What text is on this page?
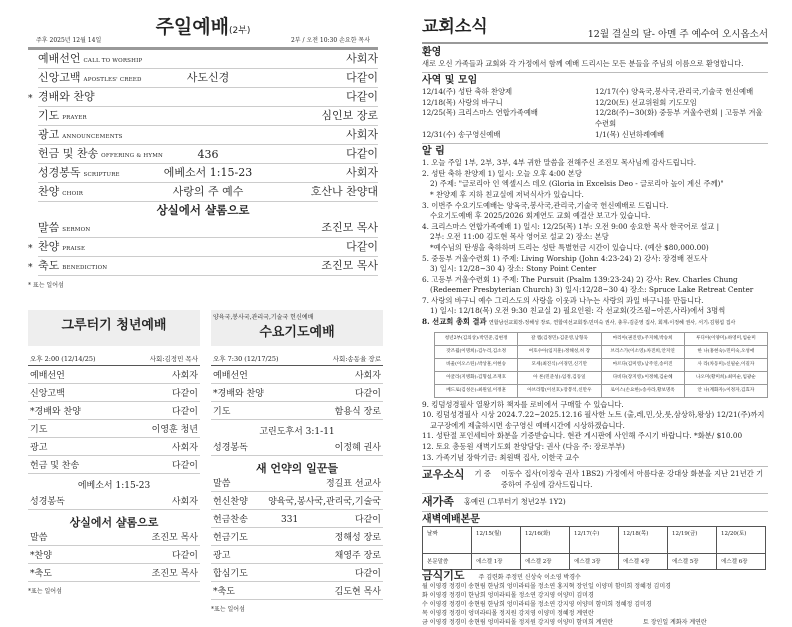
주일예배(2부)
주후 2025년 12월 14일	2부 / 오전 10:30 손요한 목사
예배선언 CALL TO WORSHIP	사회자
신앙고백 APOSTLES' CREED	사도신경	다같이
* 경배와 찬양	다같이
기도 PRAYER	심인보 장로
광고 ANNOUNCEMENTS	사회자
헌금 및 찬송 OFFERING & HYMN	436	다같이
성경봉독 SCRIPTURE	에베소서 1:15-23	사회자
찬양 CHOIR	사랑의 주 예수	호산나 찬양대
상실에서 샬롬으로
말씀 SERMON	조진모 목사
* 찬양 PRAISE	다같이
* 축도 BENEDICTION	조진모 목사
* 표는 일어섬
그루터기 청년예배
오후 2:00 (12/14/25)	사회:김정민 목사
예배선언	사회자
신앙고백	다같이
*경배와 찬양	다같이
기도	이영훈 청년
광고	사회자
헌금 및 찬송	다같이
에베소서 1:15-23
성경봉독	사회자
상실에서 샬롬으로
말씀	조진모 목사
*찬양	다같이
*축도	조진모 목사
*표는 일어섬
양육국,봉사국,관리국,기술국 헌신예배
수요기도예배
오후 7:30 (12/17/25)	사회:송동율 장로
예배선언	사회자
*경배와 찬양	다같이
기도	함용식 장로
고린도후서 3:1-11
성경봉독	이정혜 권사
새 언약의 일꾼들
말씀	정길표 선교사
헌신찬양 양육국,봉사국,관리국,기술국
헌금찬송	331	다같이
헌금기도	정해성 장로
광고	채영주 장로
합심기도	다같이
*축도	김도현 목사
*표는 일어섬
교회소식	12월 결실의 달- 아멘 주 예수여 오시옵소서
환영
새로 오신 가족들과 교회와 각 가정에서 함께 예배 드리시는 모든 분들을 주님의 이름으로 환영합니다.
사역 및 모임
12/14(주) 성탄 축하 찬양제	12/17(수) 양육국,봉사국,관리국,기술국 헌신예배
12/18(목) 사랑의 바구니	12/20(토) 선교위원회 기도모임
12/25(목) 크리스마스 연합가족예배	12/28(주)~30(화) 중등부 겨울수련회 | 고등부 겨울수련회
12/31(수) 송구영신예배	1/1(목) 신년하례예배
알 림
1. 오늘 주일 1부, 2부, 3부, 4부 귀한 말씀을 전해주신 조진모 목사님께 감사드립니다.
2. 성탄 축하 찬양제 1) 일시: 오늘 오후 4:00 본당
2) 주제: "글로리아 인 엑셀시스 데오 (Gloria in Excelsis Deo - 글로리아 높이 계신 주께)"
* 찬양제 후 지하 친교실에 저녁식사가 있습니다.
3. 이번주 수요기도예배는 양육국,봉사국,관리국,기술국 헌신예배로 드립니다.
수요기도예배 후 2025/2026 회계연도 교회 예결산 보고가 있습니다.
4. 크리스마스 연합가족예배 1) 일시: 12/25(목) 1부: 오전 9:00 송요한 목사 한국어로 설교 |
2부: 오전 11:00 김도현 목사 영어로 설교 2) 장소: 본당
*예수님의 탄생을 축하하며 드리는 성탄 특별헌금 시간이 있습니다. (예산 $80,000.00)
5. 중등부 겨울수련회 1) 주제: Living Worship (John 4:23-24) 2) 강사: 장경배 전도사
3) 일시: 12/28~30 4) 장소: Stony Point Center
6. 고등부 겨울수련회 1) 주제: The Pursuit (Psalm 139:23-24) 2) 강사: Rev. Charles Chung
(Redeemer Presbyterian Church) 3) 일시:12/28~30 4) 장소: Spruce Lake Retreat Center
7. 사랑의 바구니 예수 그리스도의 사랑을 이웃과 나누는 사랑의 과일 바구니를 만듭니다.
1) 일시: 12/18(목) 오전 9:30 친교실 2) 필요인원: 각 선교회(갓즈윌~아론,사라)에서 3명씩
8. 선교회 총회 결과 연합남선교회장:정해성 장로, 연합여선교회장:민미숙 권사, 총무:김준영 집사, 회계:이정혜 권사, 서기:김형섭 집사
청년2부(김의상):박민준,김현정	갈 렙(김정민):김준영,남형욱	마리아(권진영):주지혜,박승희	루디아(이양미):하영미,임순미
갓즈윌(이명희):김누리,김소정	여호수아(임지훈):정해성,허 장	브리스가(이소영):차진희,안지연	한 나(홍현숙):민미숙,오성애
바울(이오스틴):박상훈,이현승	모세(최진식):이경민,신기만	마르다(김미영):남주연,송미진	사 라(차동미):신필순,이길자
아굴라(지병화):김형섭,조재호	아 론(민준성):임정,김동일	다비다(장지영):이정혜,김순혜	나오미(황미희):최미순,임광순
베드로(김성온):최원일,이정훈	아브라함(이선호):장봉석,신만우	로이스(손요한):송사라,황보명옥	안 나(계화자):이정자,김효자
9. 킹덤성경필사 열왕기하 책자를 로비에서 구매할 수 있습니다.
10. 킹덤성경필사 시상 2024.7.22~2025.12.16 필사한 노트 (출,레,민,삿,룻,삼상하,왕상) 12/21(주)까지
교구장에게 제출하시면 송구영신 예배시간에 시상하겠습니다.
11. 성탄절 포인세티아 화분을 기증받습니다. 현관 게시판에 사인해 주시기 바랍니다. *화분/ $10.00
12. 토요 총동원 새벽기도회 찬양담당: 권사 (다음 주: 장로부부)
13. 가족기념 장학기금: 최원백 집사, 이한국 교수
교우소식 기 증 이동수 집사(이정숙 권사 1BS2) 가정에서 아름다운 강대상 화분을 지난 21년간 기증하여 주심에 감사드립니다.
새가족 홍예린 (그루터기 청년2부 1Y2)
새벽예배본문
날짜	12/15(월)	12/16(화)	12/17(수)	12/18(목)	12/19(금)	12/20(토)
본문말씀	에스겔 1장	에스겔 2장	에스겔 3장	에스겔 4장	에스겔 5장	에스겔 6장
금식기도 주 김련화 주정민 신상숙 이소영 박경수
월 이영경 정경미 송현림 한남희 엉미라티몰 정소연 홍지혁 장인일 이양미 함미희 정혜정 김미경
화 이영경 정경미 한남희 엉미라티몰 정소연 강지영 이양미 김미경
수 이영경 정경미 송현림 한남희 엉미라티몰 정소연 강지영 이양미 함미희 정혜정 김미경
목 이영경 정경미 엉미라티몰 정지원 강지영 이양미 정혜정 계연란
금 이영경 정경미 송현림 엉미라티몰 정지원 강지영 이양미 함미희 계연란	토 장인일 계화자 계연란
